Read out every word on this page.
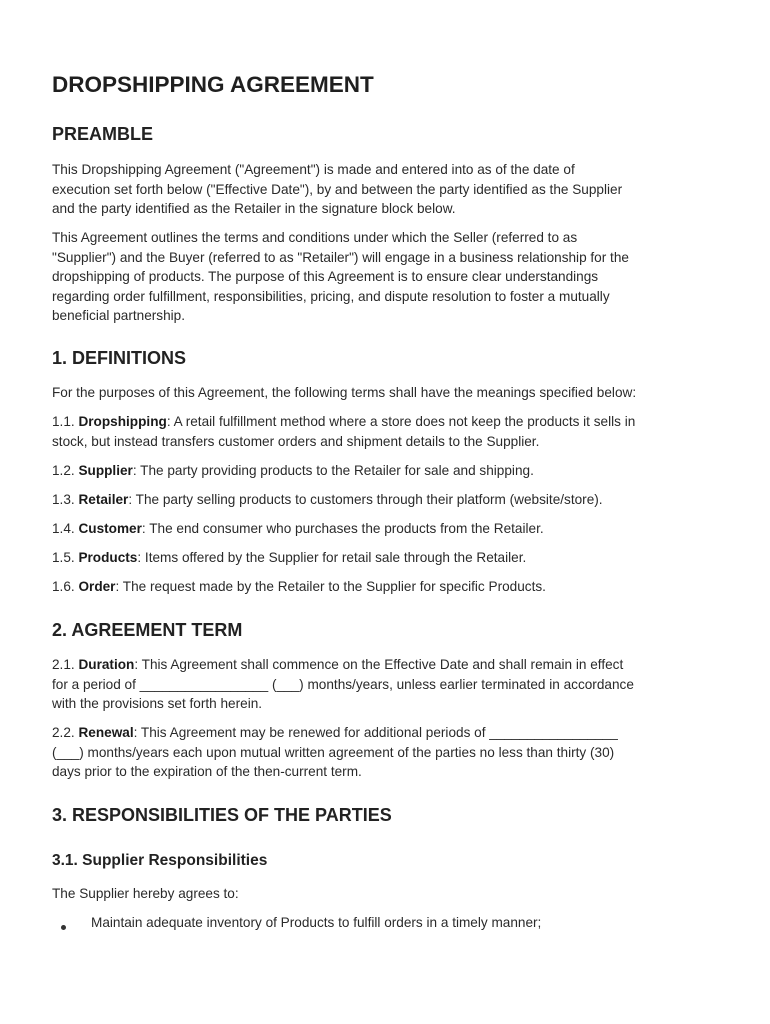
DROPSHIPPING AGREEMENT
PREAMBLE
This Dropshipping Agreement ("Agreement") is made and entered into as of the date of
execution set forth below ("Effective Date"), by and between the party identified as the Supplier
and the party identified as the Retailer in the signature block below.
This Agreement outlines the terms and conditions under which the Seller (referred to as
"Supplier") and the Buyer (referred to as "Retailer") will engage in a business relationship for the
dropshipping of products. The purpose of this Agreement is to ensure clear understandings
regarding order fulfillment, responsibilities, pricing, and dispute resolution to foster a mutually
beneficial partnership.
1. DEFINITIONS
For the purposes of this Agreement, the following terms shall have the meanings specified below:
1.1. Dropshipping: A retail fulfillment method where a store does not keep the products it sells in
stock, but instead transfers customer orders and shipment details to the Supplier.
1.2. Supplier: The party providing products to the Retailer for sale and shipping.
1.3. Retailer: The party selling products to customers through their platform (website/store).
1.4. Customer: The end consumer who purchases the products from the Retailer.
1.5. Products: Items offered by the Supplier for retail sale through the Retailer.
1.6. Order: The request made by the Retailer to the Supplier for specific Products.
2. AGREEMENT TERM
2.1. Duration: This Agreement shall commence on the Effective Date and shall remain in effect
for a period of _________________ (___) months/years, unless earlier terminated in accordance
with the provisions set forth herein.
2.2. Renewal: This Agreement may be renewed for additional periods of _________________
(___) months/years each upon mutual written agreement of the parties no less than thirty (30)
days prior to the expiration of the then-current term.
3. RESPONSIBILITIES OF THE PARTIES
3.1. Supplier Responsibilities
The Supplier hereby agrees to:
Maintain adequate inventory of Products to fulfill orders in a timely manner;
